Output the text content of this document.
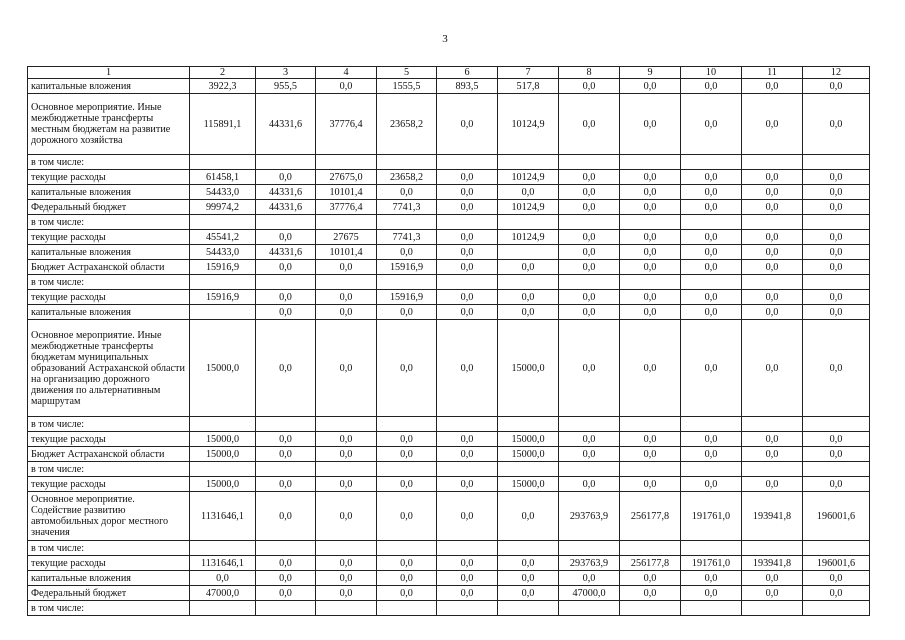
3
1	2	3	4	5	6	7	8	9	10	11	12
капитальные вложения	3922,3	955,5	0,0	1555,5	893,5	517,8	0,0	0,0	0,0	0,0	0,0
Основное мероприятие. Иные межбюджетные трансферты местным бюджетам на развитие дорожного хозяйства	115891,1	44331,6	37776,4	23658,2	0,0	10124,9	0,0	0,0	0,0	0,0	0,0
в том числе:											
текущие расходы	61458,1	0,0	27675,0	23658,2	0,0	10124,9	0,0	0,0	0,0	0,0	0,0
капитальные вложения	54433,0	44331,6	10101,4	0,0	0,0	0,0	0,0	0,0	0,0	0,0	0,0
Федеральный бюджет	99974,2	44331,6	37776,4	7741,3	0,0	10124,9	0,0	0,0	0,0	0,0	0,0
в том числе:											
текущие расходы	45541,2	0,0	27675	7741,3	0,0	10124,9	0,0	0,0	0,0	0,0	0,0
капитальные вложения	54433,0	44331,6	10101,4	0,0	0,0		0,0	0,0	0,0	0,0	0,0
Бюджет Астраханской области	15916,9	0,0	0,0	15916,9	0,0	0,0	0,0	0,0	0,0	0,0	0,0
в том числе:											
текущие расходы	15916,9	0,0	0,0	15916,9	0,0	0,0	0,0	0,0	0,0	0,0	0,0
капитальные вложения		0,0	0,0	0,0	0,0	0,0	0,0	0,0	0,0	0,0	0,0
Основное мероприятие. Иные межбюджетные трансферты бюджетам муниципальных образований Астраханской области на организацию дорожного движения по альтернативным маршрутам	15000,0	0,0	0,0	0,0	0,0	15000,0	0,0	0,0	0,0	0,0	0,0
в том числе:											
текущие расходы	15000,0	0,0	0,0	0,0	0,0	15000,0	0,0	0,0	0,0	0,0	0,0
Бюджет Астраханской области	15000,0	0,0	0,0	0,0	0,0	15000,0	0,0	0,0	0,0	0,0	0,0
в том числе:											
текущие расходы	15000,0	0,0	0,0	0,0	0,0	15000,0	0,0	0,0	0,0	0,0	0,0
Основное мероприятие. Содействие развитию автомобильных дорог местного значения	1131646,1	0,0	0,0	0,0	0,0	0,0	293763,9	256177,8	191761,0	193941,8	196001,6
в том числе:											
текущие расходы	1131646,1	0,0	0,0	0,0	0,0	0,0	293763,9	256177,8	191761,0	193941,8	196001,6
капитальные вложения	0,0	0,0	0,0	0,0	0,0	0,0	0,0	0,0	0,0	0,0	0,0
Федеральный бюджет	47000,0	0,0	0,0	0,0	0,0	0,0	47000,0	0,0	0,0	0,0	0,0
в том числе:											
